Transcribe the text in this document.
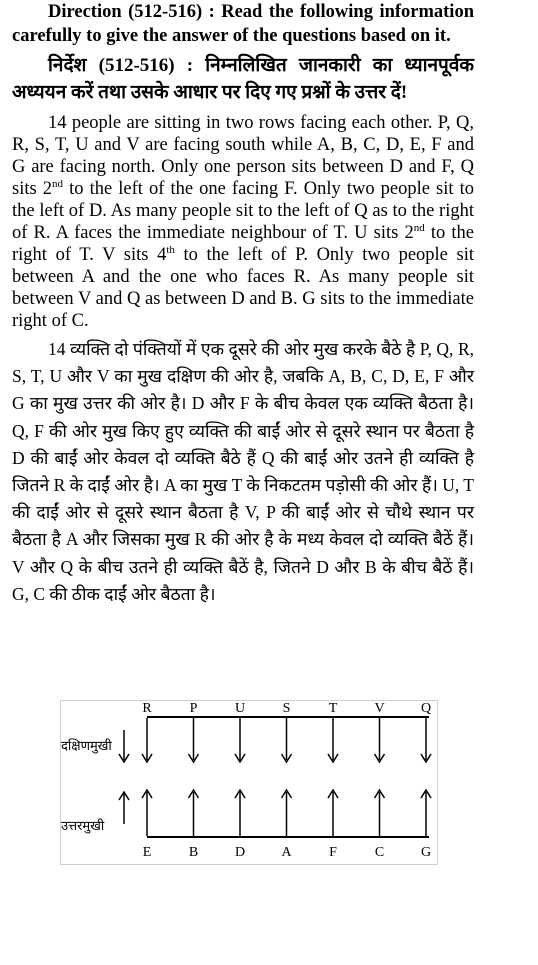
Direction (512-516) : Read the following information carefully to give the answer of the questions based on it.

निर्देश (512-516) : निम्नलिखित जानकारी का ध्यानपूर्वक अध्ययन करें तथा उसके आधार पर दिए गए प्रश्नों के उत्तर दें!

14 people are sitting in two rows facing each other. P, Q, R, S, T, U and V are facing south while A, B, C, D, E, F and G are facing north. Only one person sits between D and F, Q sits 2nd to the left of the one facing F. Only two people sit to the left of D. As many people sit to the left of Q as to the right of R. A faces the immediate neighbour of T. U sits 2nd to the right of T. V sits 4th to the left of P. Only two people sit between A and the one who faces R. As many people sit between V and Q as between D and B. G sits to the immediate right of C.

14 व्यक्ति दो पंक्तियों में एक दूसरे की ओर मुख करके बैठे है P, Q, R, S, T, U और V का मुख दक्षिण की ओर है, जबकि A, B, C, D, E, F और G का मुख उत्तर की ओर है। D और F के बीच केवल एक व्यक्ति बैठता है। Q, F की ओर मुख किए हुए व्यक्ति की बाईं ओर से दूसरे स्थान पर बैठता है D की बाईं ओर केवल दो व्यक्ति बैठे हैं Q की बाईं ओर उतने ही व्यक्ति है जितने R के दाईं ओर है। A का मुख T के निकटतम पड़ोसी की ओर हैं। U, T की दाईं ओर से दूसरे स्थान बैठता है V, P की बाईं ओर से चौथे स्थान पर बैठता है A और जिसका मुख R की ओर है के मध्य केवल दो व्यक्ति बैठें हैं। V और Q के बीच उतने ही व्यक्ति बैठें है, जितने D और B के बीच बैठें हैं। G, C की ठीक दाईं ओर बैठता है।

दक्षिणमुखी
उत्तरमुखी
R	P	U	S	T	V	Q
E	B	D	A	F	C	G
